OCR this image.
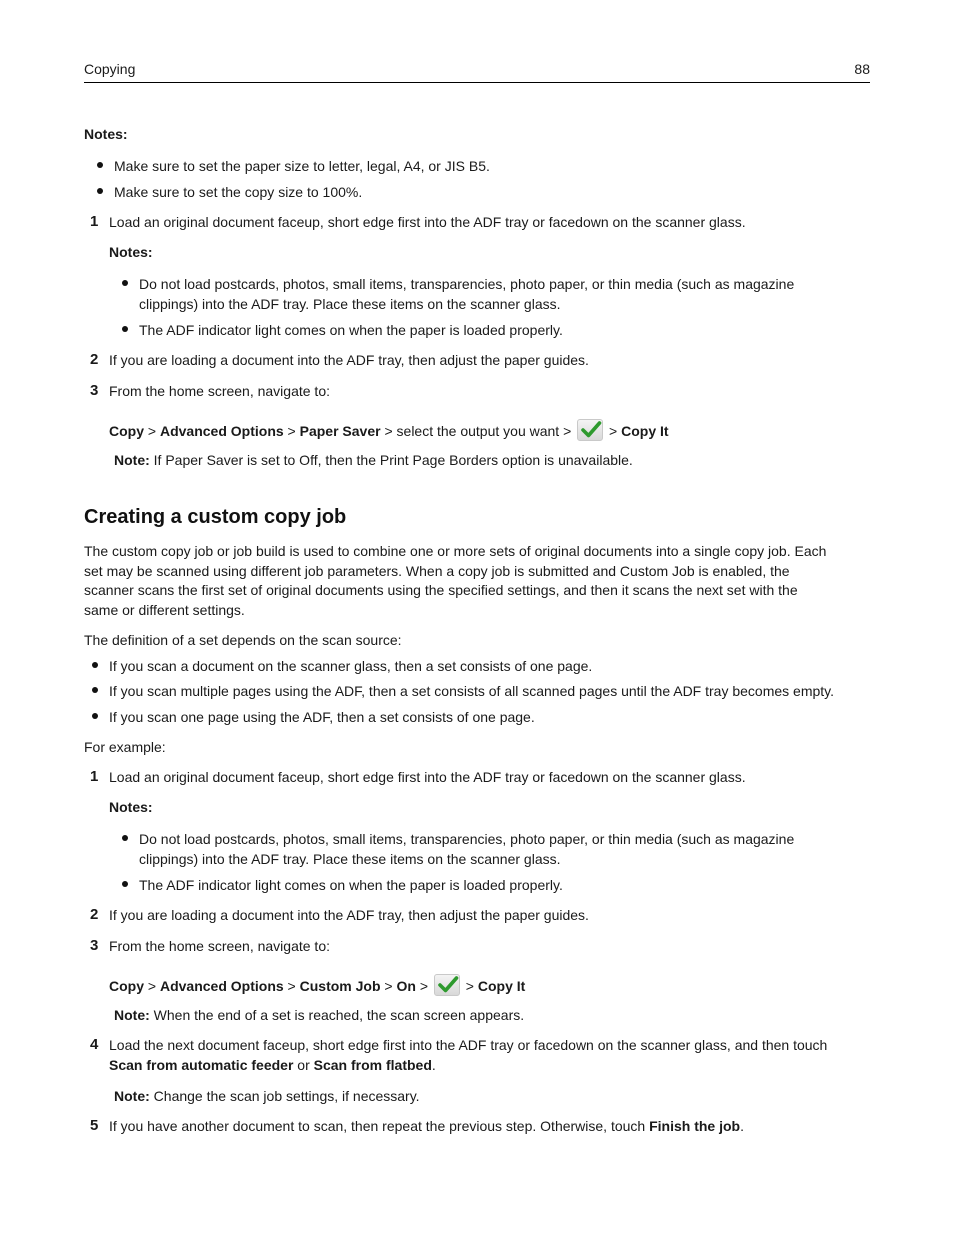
Copying	88
Notes:
Make sure to set the paper size to letter, legal, A4, or JIS B5.
Make sure to set the copy size to 100%.
1 Load an original document faceup, short edge first into the ADF tray or facedown on the scanner glass.
Notes:
Do not load postcards, photos, small items, transparencies, photo paper, or thin media (such as magazine
clippings) into the ADF tray. Place these items on the scanner glass.
The ADF indicator light comes on when the paper is loaded properly.
2 If you are loading a document into the ADF tray, then adjust the paper guides.
3 From the home screen, navigate to:
Copy > Advanced Options > Paper Saver > select the output you want >	> Copy It
Note: If Paper Saver is set to Off, then the Print Page Borders option is unavailable.
Creating a custom copy job
The custom copy job or job build is used to combine one or more sets of original documents into a single copy job. Each
set may be scanned using different job parameters. When a copy job is submitted and Custom Job is enabled, the
scanner scans the first set of original documents using the specified settings, and then it scans the next set with the
same or different settings.
The definition of a set depends on the scan source:
If you scan a document on the scanner glass, then a set consists of one page.
If you scan multiple pages using the ADF, then a set consists of all scanned pages until the ADF tray becomes empty.
If you scan one page using the ADF, then a set consists of one page.
For example:
1 Load an original document faceup, short edge first into the ADF tray or facedown on the scanner glass.
Notes:
Do not load postcards, photos, small items, transparencies, photo paper, or thin media (such as magazine
clippings) into the ADF tray. Place these items on the scanner glass.
The ADF indicator light comes on when the paper is loaded properly.
2 If you are loading a document into the ADF tray, then adjust the paper guides.
3 From the home screen, navigate to:
Copy > Advanced Options > Custom Job > On >	> Copy It
Note: When the end of a set is reached, the scan screen appears.
4 Load the next document faceup, short edge first into the ADF tray or facedown on the scanner glass, and then touch
Scan from automatic feeder or Scan from flatbed.
Note: Change the scan job settings, if necessary.
5 If you have another document to scan, then repeat the previous step. Otherwise, touch Finish the job.
